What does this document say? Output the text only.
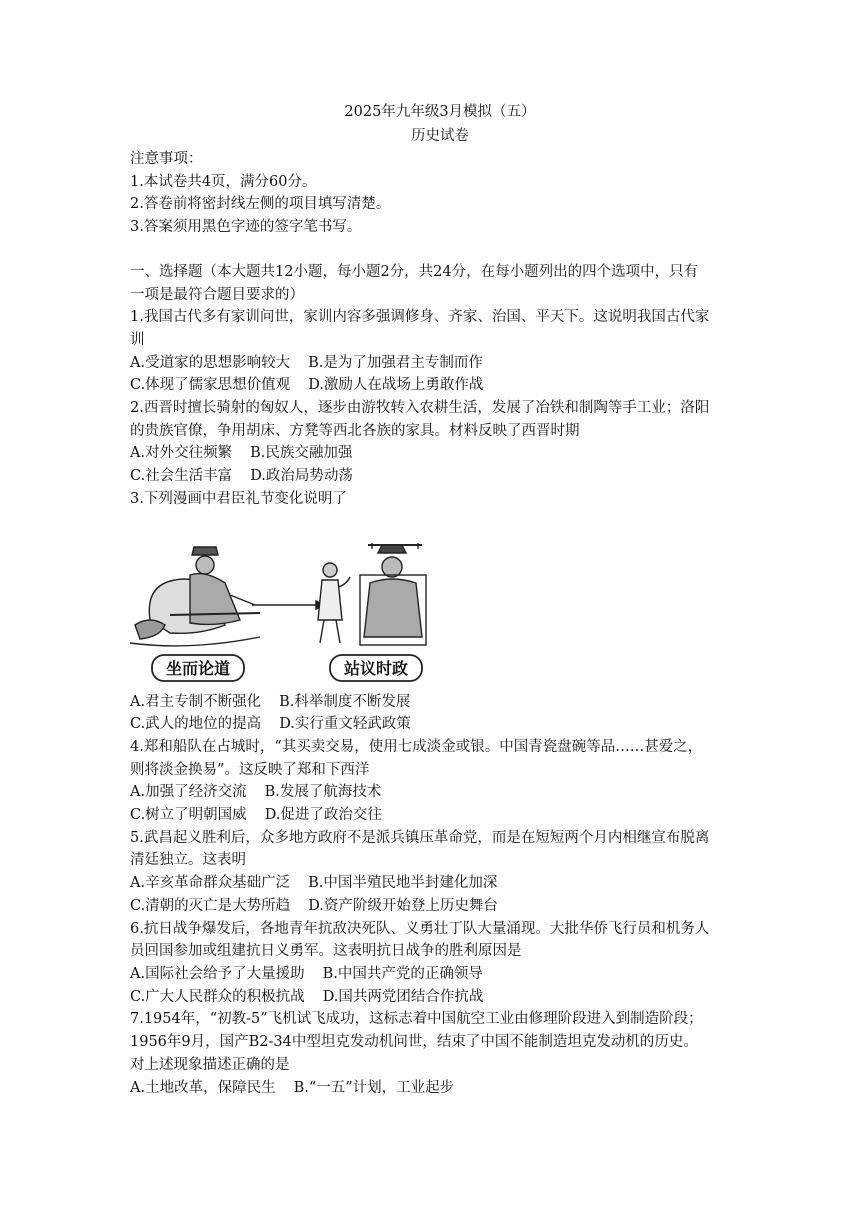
2025年九年级3月模拟（五）
历史试卷
注意事项：
1.本试卷共4页，满分60分。
2.答卷前将密封线左侧的项目填写清楚。
3.答案须用黑色字迹的签字笔书写。
一、选择题（本大题共12小题，每小题2分，共24分，在每小题列出的四个选项中，只有
一项是最符合题目要求的）
1.我国古代多有家训问世，家训内容多强调修身、齐家、治国、平天下。这说明我国古代家
训
A.受道家的思想影响较大 B.是为了加强君主专制而作
C.体现了儒家思想价值观 D.激励人在战场上勇敢作战
2.西晋时擅长骑射的匈奴人，逐步由游牧转入农耕生活，发展了冶铁和制陶等手工业；洛阳
的贵族官僚，争用胡床、方凳等西北各族的家具。材料反映了西晋时期
A.对外交往频繁 B.民族交融加强
C.社会生活丰富 D.政治局势动荡
3.下列漫画中君臣礼节变化说明了
坐而论道	站议时政
A.君主专制不断强化 B.科举制度不断发展
C.武人的地位的提高 D.实行重文轻武政策
4.郑和船队在占城时，“其买卖交易，使用七成淡金或银。中国青瓷盘碗等品……甚爱之，
则将淡金换易”。这反映了郑和下西洋
A.加强了经济交流 B.发展了航海技术
C.树立了明朝国威 D.促进了政治交往
5.武昌起义胜利后，众多地方政府不是派兵镇压革命党，而是在短短两个月内相继宣布脱离
清廷独立。这表明
A.辛亥革命群众基础广泛 B.中国半殖民地半封建化加深
C.清朝的灭亡是大势所趋 D.资产阶级开始登上历史舞台
6.抗日战争爆发后，各地青年抗敌决死队、义勇壮丁队大量涌现。大批华侨飞行员和机务人
员回国参加或组建抗日义勇军。这表明抗日战争的胜利原因是
A.国际社会给予了大量援助 B.中国共产党的正确领导
C.广大人民群众的积极抗战 D.国共两党团结合作抗战
7.1954年，“初教-5”飞机试飞成功，这标志着中国航空工业由修理阶段进入到制造阶段；
1956年9月，国产B2-34中型坦克发动机问世，结束了中国不能制造坦克发动机的历史。
对上述现象描述正确的是
A.土地改革，保障民生 B.“一五”计划，工业起步
